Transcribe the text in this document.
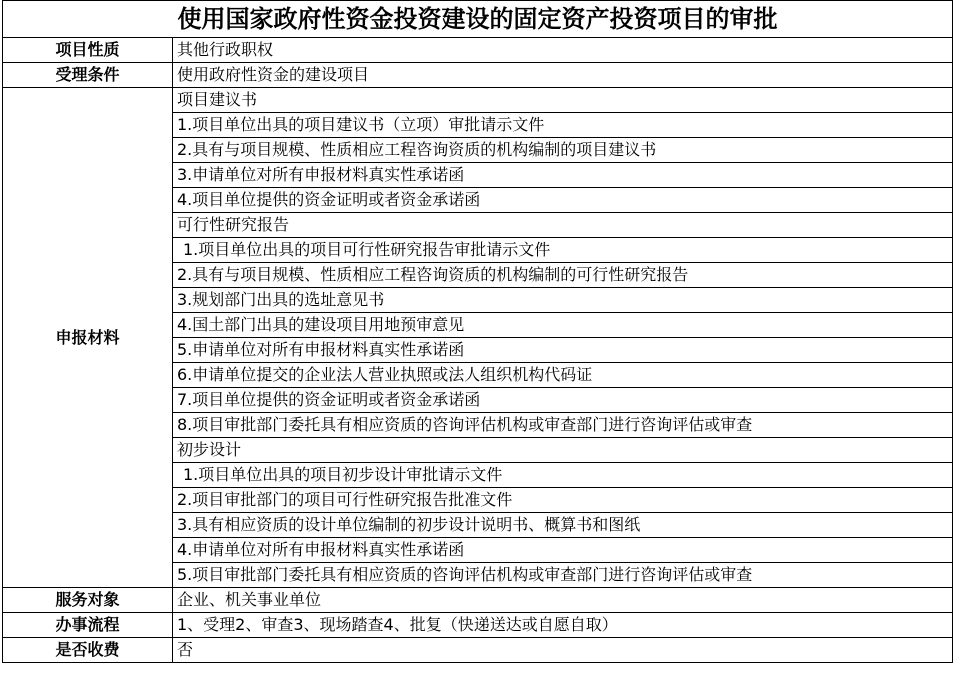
使用国家政府性资金投资建设的固定资产投资项目的审批	
项目性质	其他行政职权
受理条件	使用政府性资金的建设项目
申报材料	项目建议书
	1.项目单位出具的项目建议书（立项）审批请示文件
	2.具有与项目规模、性质相应工程咨询资质的机构编制的项目建议书
	3.申请单位对所有申报材料真实性承诺函
	4.项目单位提供的资金证明或者资金承诺函
	可行性研究报告
	1.项目单位出具的项目可行性研究报告审批请示文件
	2.具有与项目规模、性质相应工程咨询资质的机构编制的可行性研究报告
	3.规划部门出具的选址意见书
	4.国土部门出具的建设项目用地预审意见
	5.申请单位对所有申报材料真实性承诺函
	6.申请单位提交的企业法人营业执照或法人组织机构代码证
	7.项目单位提供的资金证明或者资金承诺函
	8.项目审批部门委托具有相应资质的咨询评估机构或审查部门进行咨询评估或审查
	初步设计
	1.项目单位出具的项目初步设计审批请示文件
	2.项目审批部门的项目可行性研究报告批准文件
	3.具有相应资质的设计单位编制的初步设计说明书、概算书和图纸
	4.申请单位对所有申报材料真实性承诺函
	5.项目审批部门委托具有相应资质的咨询评估机构或审查部门进行咨询评估或审查
服务对象	企业、机关事业单位
办事流程	1、受理2、审查3、现场踏查4、批复（快递送达或自愿自取）
是否收费	否
